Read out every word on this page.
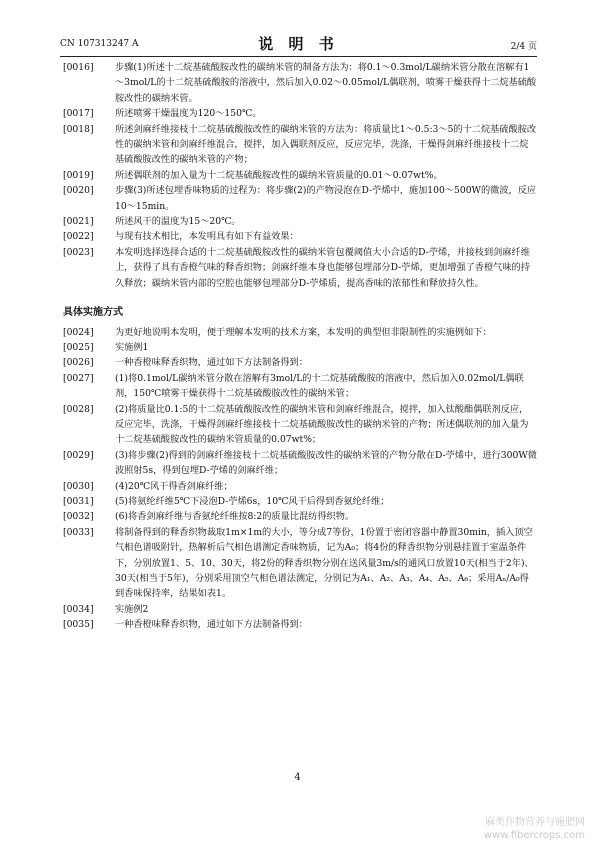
CN 107313247 A	说 明 书	2/4 页
[0016] 步骤(1)所述十二烷基硫酸胺改性的碳纳米管的制备方法为：将0.1～0.3mol/L碳纳米管分散在溶解有1～3mol/L的十二烷基硫酸胺的溶液中，然后加入0.02～0.05mol/L偶联剂，喷雾干燥获得十二烷基硫酸胺改性的碳纳米管。
[0017] 所述喷雾干燥温度为120～150℃。
[0018] 所述剑麻纤维接枝十二烷基硫酸胺改性的碳纳米管的方法为：将质量比1～0.5:3～5的十二烷基硫酸胺改性的碳纳米管和剑麻纤维混合，搅拌，加入偶联剂反应，反应完毕，洗涤，干燥得剑麻纤维接枝十二烷基硫酸胺改性的碳纳米管的产物；
[0019] 所述偶联剂的加入量为十二烷基硫酸胺改性的碳纳米管质量的0.01～0.07wt%。
[0020] 步骤(3)所述包埋香味物质的过程为：将步骤(2)的产物浸泡在D-苧烯中，施加100～500W的微波，反应10～15min。
[0021] 所述风干的温度为15～20℃。
[0022] 与现有技术相比，本发明具有如下有益效果：
[0023] 本发明选择选择合适的十二烷基硫酸胺改性的碳纳米管包覆阈值大小合适的D-苧烯，并接枝到剑麻纤维上，获得了具有香橙气味的释香织物；剑麻纤维本身也能够包埋部分D-苧烯，更加增强了香橙气味的持久释放；碳纳米管内部的空腔也能够包埋部分D-苧烯质，提高香味的浓郁性和释放持久性。
具体实施方式
[0024] 为更好地说明本发明，便于理解本发明的技术方案，本发明的典型但非限制性的实施例如下：
[0025] 实施例1
[0026] 一种香橙味释香织物，通过如下方法制备得到：
[0027] (1)将0.1mol/L碳纳米管分散在溶解有3mol/L的十二烷基硫酸胺的溶液中，然后加入0.02mol/L偶联剂，150℃喷雾干燥获得十二烷基硫酸胺改性的碳纳米管；
[0028] (2)将质量比0.1:5的十二烷基硫酸胺改性的碳纳米管和剑麻纤维混合，搅拌，加入钛酸酯偶联剂反应，反应完毕，洗涤，干燥得剑麻纤维接枝十二烷基硫酸胺改性的碳纳米管的产物；所述偶联剂的加入量为十二烷基硫酸胺改性的碳纳米管质量的0.07wt%；
[0029] (3)将步骤(2)得到的剑麻纤维接枝十二烷基硫酸胺改性的碳纳米管的产物分散在D-苧烯中，进行300W微波照射5s，得到包埋D-苧烯的剑麻纤维；
[0030] (4)20℃风干得香剑麻纤维；
[0031] (5)将氨纶纤维5℃下浸泡D-苧烯6s，10℃风干后得到香氨纶纤维；
[0032] (6)将香剑麻纤维与香氨纶纤维按8:2的质量比混纺得织物。
[0033] 将制备得到的释香织物裁取1m×1m的大小，等分成7等份，1份置于密闭容器中静置30min，插入顶空气相色谱吸附针，热解析后气相色谱测定香味物质，记为A₀；将4份的释香织物分别悬挂置于室温条件下，分别放置1、5、10、30天，将2份的释香织物分别在送风量3m/s的通风口放置10天(相当于2年)、30天(相当于5年)，分别采用顶空气相色谱法测定，分别记为A₁、A₂、A₃、A₄、A₅、A₆；采用Aₙ/A₀得到香味保持率，结果如表1。
[0034] 实施例2
[0035] 一种香橙味释香织物，通过如下方法制备得到：
4
麻类作物营养与施肥网
www.fibercrops.com
